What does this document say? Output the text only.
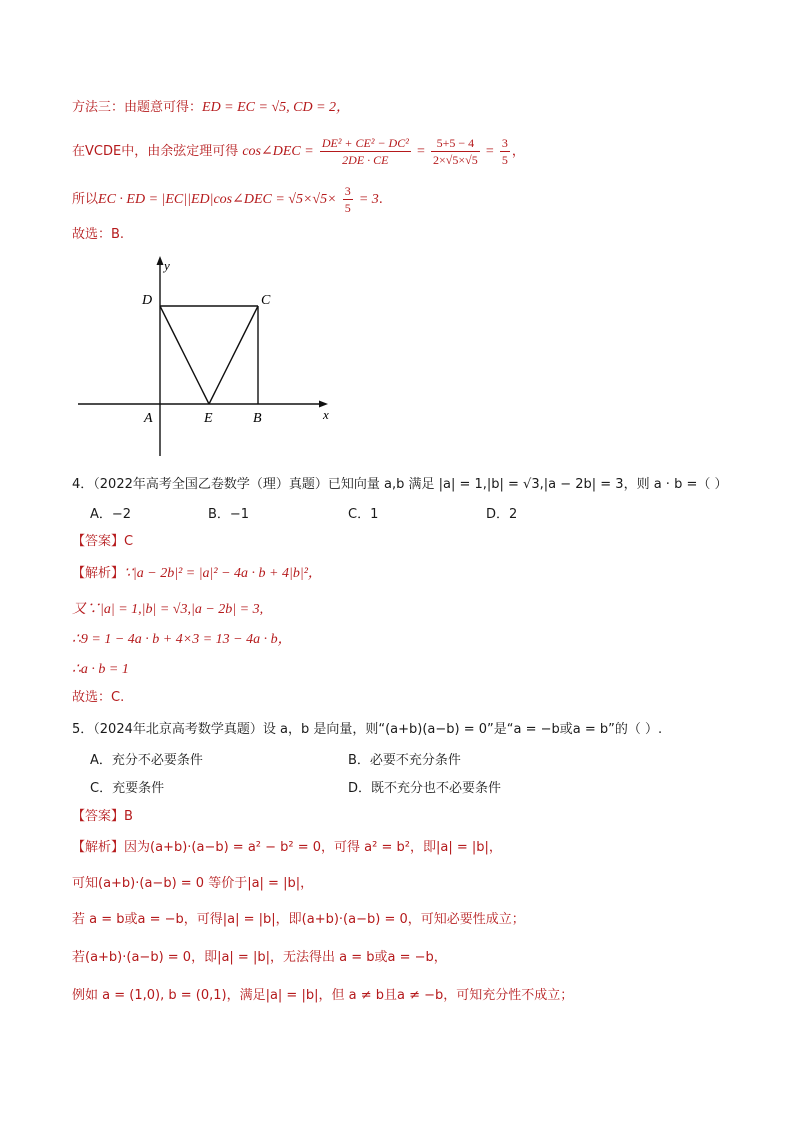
方法三：由题意可得：ED = EC = √5, CD = 2，
在VCDE中，由余弦定理可得 cos∠DEC = $\frac{\text{DE² + CE² − DC²}}{2DE \cdot CE} = \frac{5+5 - 4}{2\times√5\times√5} = \frac{3}{5}$ ，
所以EC · ED = |EC||ED|cos∠DEC = $√5\times√5\times \frac{3}{5} = 3$.
故选：B.
y
x
D	C
A	E	B
4．（2022年高考全国乙卷数学（理）真题）已知向量 a,b 满足 |a| = 1,|b| = √3,|a − 2b| = 3，则 a · b =（ ）
A．−2	B．−1	C．1	D．2
【答案】C
【解析】∵|a − 2b|² = |a|² − 4a · b + 4|b|²，
又∵|a| = 1,|b| = √3,|a − 2b| = 3,
∴9 = 1 − 4a · b + 4×3 = 13 − 4a · b，
∴a · b = 1
故选：C.
5．（2024年北京高考数学真题）设 a，b 是向量，则“(a+b)(a−b) = 0”是“a = −b或a = b”的（ ）.
A．充分不必要条件	B．必要不充分条件
C．充要条件	D．既不充分也不必要条件
【答案】B
【解析】因为(a+b)·(a−b) = a² − b² = 0，可得 a² = b²，即|a| = |b|，
可知(a+b)·(a−b) = 0 等价于|a| = |b|，
若 a = b或a = −b，可得|a| = |b|，即(a+b)·(a−b) = 0，可知必要性成立；
若(a+b)·(a−b) = 0，即|a| = |b|，无法得出 a = b或a = −b，
例如 a = (1,0), b = (0,1)，满足|a| = |b|，但 a ≠ b且a ≠ −b，可知充分性不成立；
